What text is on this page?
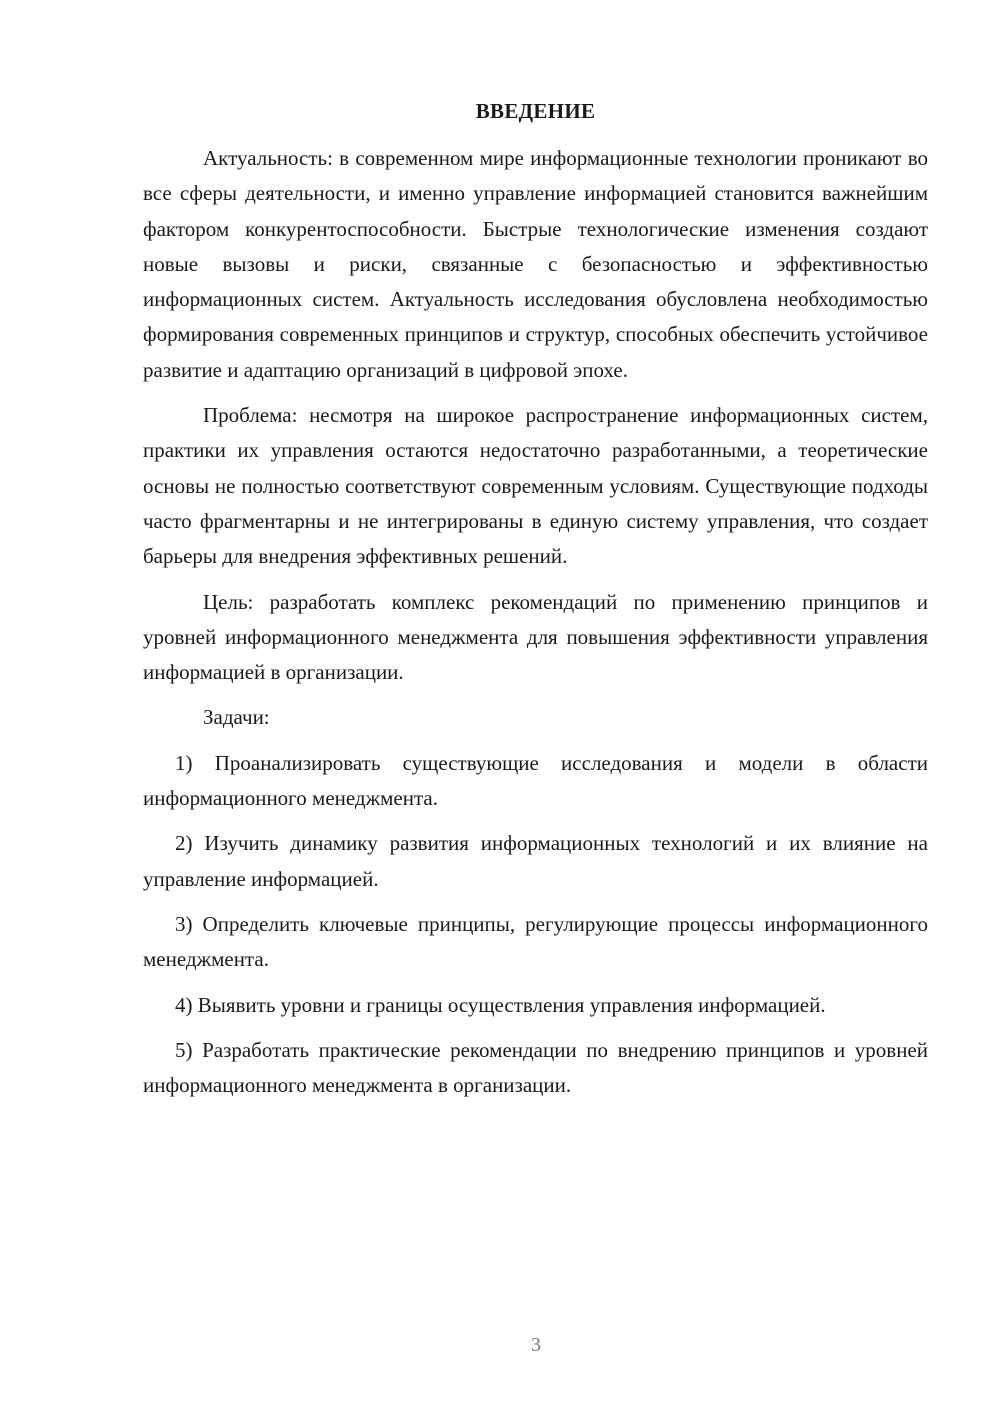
ВВЕДЕНИЕ

Актуальность: в современном мире информационные технологии проникают во все сферы деятельности, и именно управление информацией становится важнейшим фактором конкурентоспособности. Быстрые технологические изменения создают новые вызовы и риски, связанные с безопасностью и эффективностью информационных систем. Актуальность исследования обусловлена необходимостью формирования современных принципов и структур, способных обеспечить устойчивое развитие и адаптацию организаций в цифровой эпохе.

Проблема: несмотря на широкое распространение информационных систем, практики их управления остаются недостаточно разработанными, а теоретические основы не полностью соответствуют современным условиям. Существующие подходы часто фрагментарны и не интегрированы в единую систему управления, что создает барьеры для внедрения эффективных решений.

Цель: разработать комплекс рекомендаций по применению принципов и уровней информационного менеджмента для повышения эффективности управления информацией в организации.

Задачи:

1) Проанализировать существующие исследования и модели в области информационного менеджмента.

2) Изучить динамику развития информационных технологий и их влияние на управление информацией.

3) Определить ключевые принципы, регулирующие процессы информационного менеджмента.

4) Выявить уровни и границы осуществления управления информацией.

5) Разработать практические рекомендации по внедрению принципов и уровней информационного менеджмента в организации.

3
